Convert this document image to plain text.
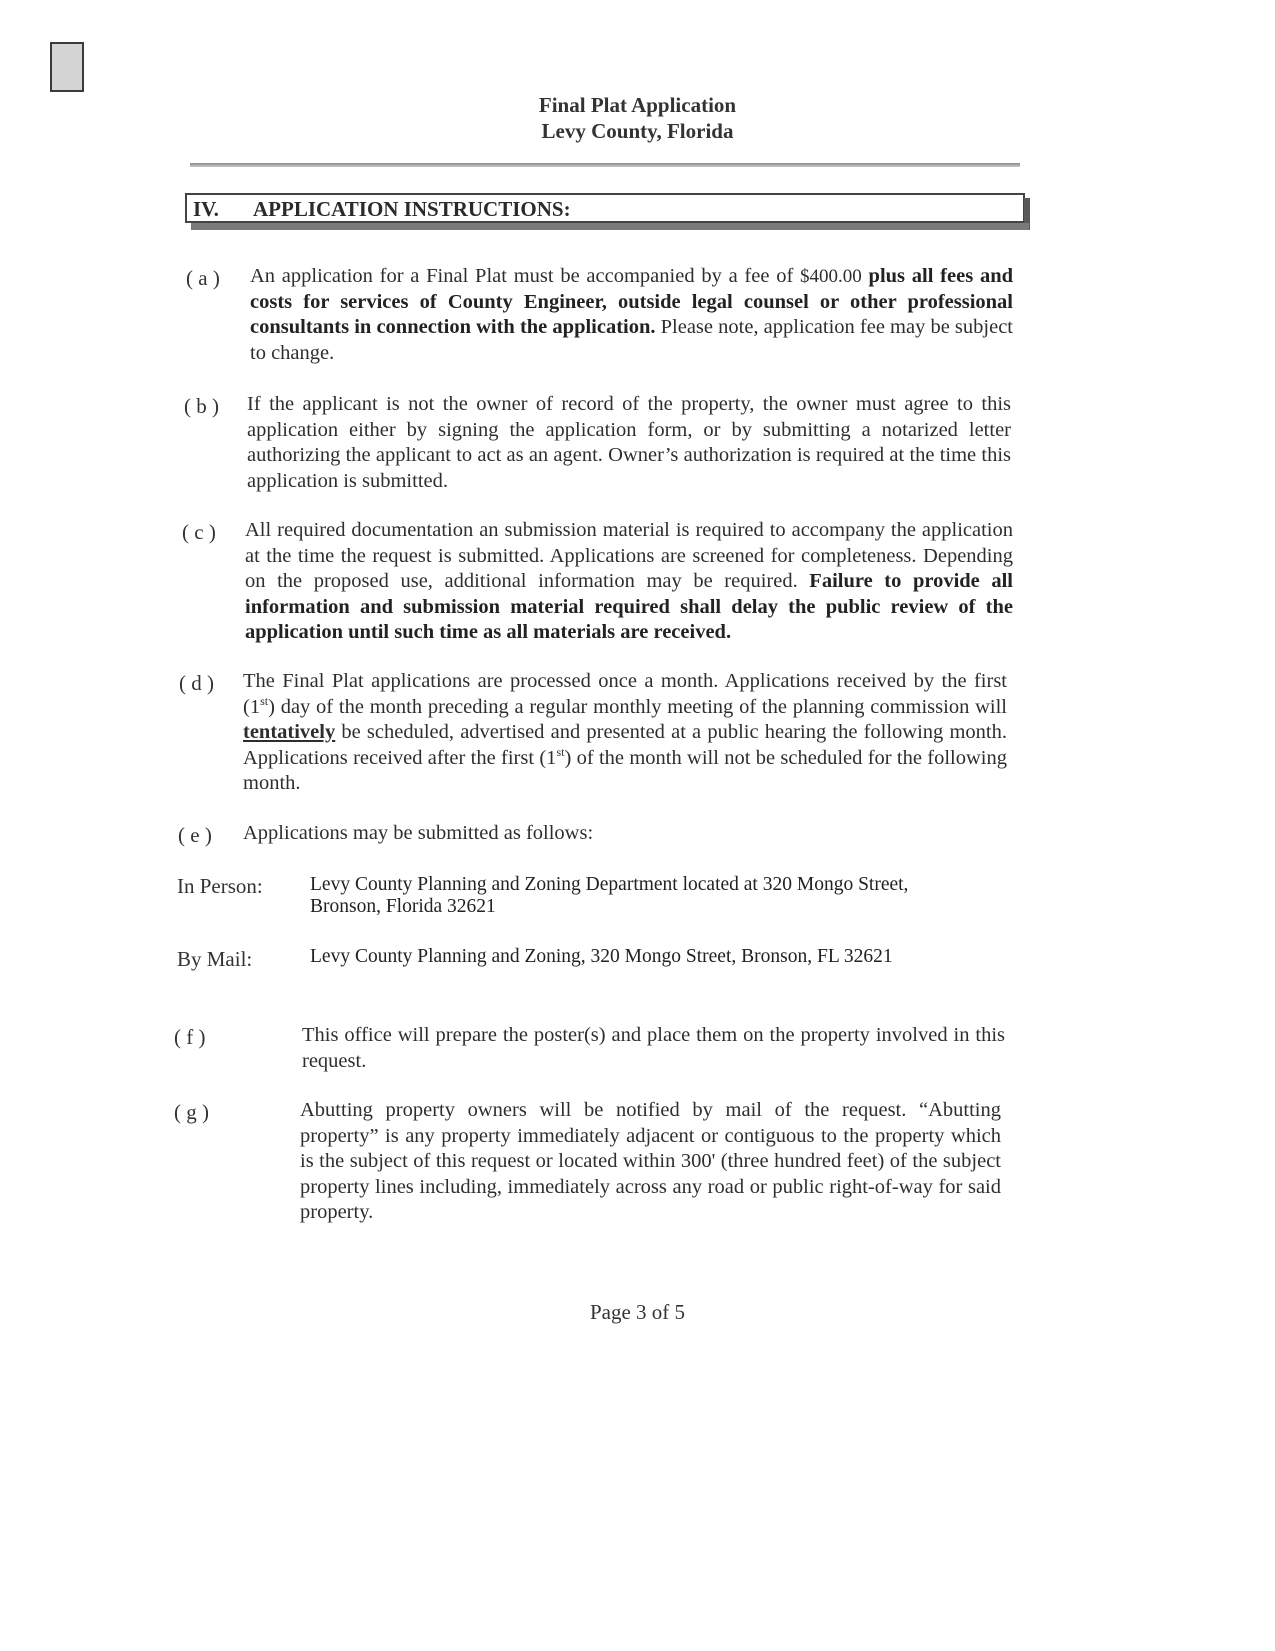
Final Plat Application
Levy County, Florida
IV. APPLICATION INSTRUCTIONS:
( a ) An application for a Final Plat must be accompanied by a fee of $400.00 plus all fees and costs for services of County Engineer, outside legal counsel or other professional consultants in connection with the application. Please note, application fee may be subject to change.
( b ) If the applicant is not the owner of record of the property, the owner must agree to this application either by signing the application form, or by submitting a notarized letter authorizing the applicant to act as an agent. Owner’s authorization is required at the time this application is submitted.
( c ) All required documentation an submission material is required to accompany the application at the time the request is submitted. Applications are screened for completeness. Depending on the proposed use, additional information may be required. Failure to provide all information and submission material required shall delay the public review of the application until such time as all materials are received.
( d ) The Final Plat applications are processed once a month. Applications received by the first (1st) day of the month preceding a regular monthly meeting of the planning commission will tentatively be scheduled, advertised and presented at a public hearing the following month. Applications received after the first (1st) of the month will not be scheduled for the following month.
( e ) Applications may be submitted as follows:
In Person: Levy County Planning and Zoning Department located at 320 Mongo Street, Bronson, Florida 32621
By Mail:	Levy County Planning and Zoning, 320 Mongo Street, Bronson, FL 32621
( f )	This office will prepare the poster(s) and place them on the property involved in this request.
( g )	Abutting property owners will be notified by mail of the request. “Abutting property” is any property immediately adjacent or contiguous to the property which is the subject of this request or located within 300' (three hundred feet) of the subject property lines including, immediately across any road or public right-of-way for said property.
Page 3 of 5
